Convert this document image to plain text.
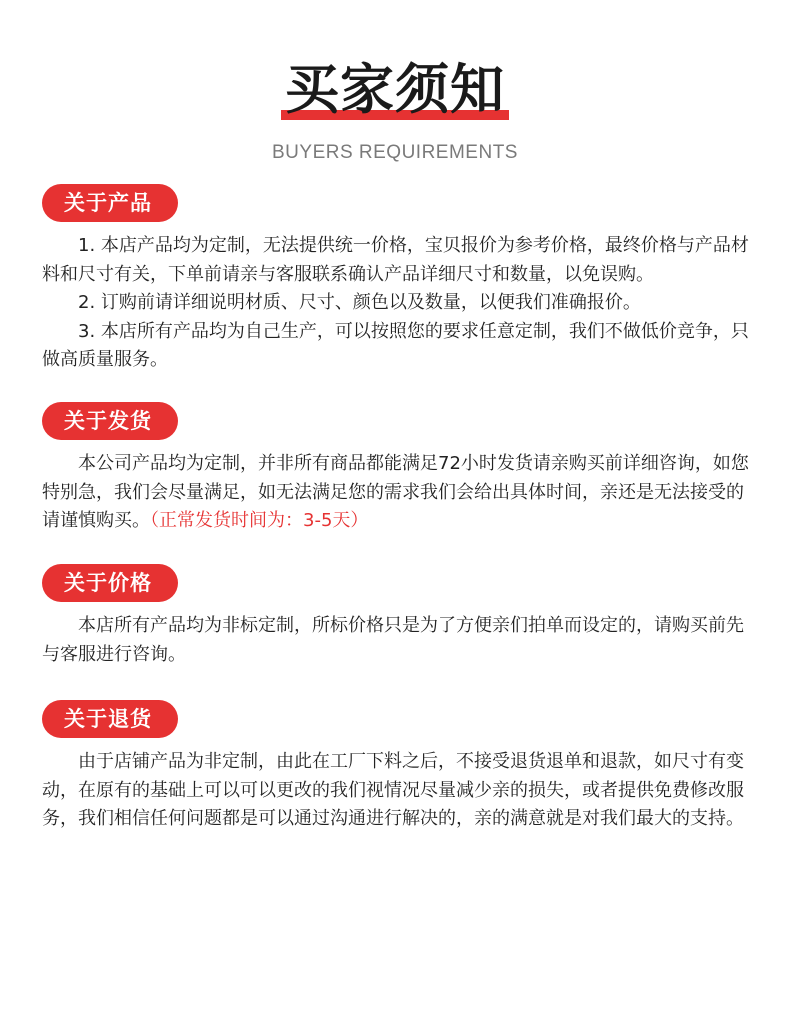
买家须知
BUYERS REQUIREMENTS
关于产品

1. 本店产品均为定制，无法提供统一价格，宝贝报价为参考价格，最终价格与产品材料和尺寸有关，下单前请亲与客服联系确认产品详细尺寸和数量，以免误购。

2. 订购前请详细说明材质、尺寸、颜色以及数量，以便我们准确报价。

3. 本店所有产品均为自己生产，可以按照您的要求任意定制，我们不做低价竞争，只做高质量服务。

关于发货

本公司产品均为定制，并非所有商品都能满足72小时发货请亲购买前详细咨询，如您特别急，我们会尽量满足，如无法满足您的需求我们会给出具体时间，亲还是无法接受的请谨慎购买。（正常发货时间为：3-5天）

关于价格

本店所有产品均为非标定制，所标价格只是为了方便亲们拍单而设定的，请购买前先与客服进行咨询。

关于退货

由于店铺产品为非定制，由此在工厂下料之后，不接受退货退单和退款，如尺寸有变动，在原有的基础上可以可以更改的我们视情况尽量减少亲的损失，或者提供免费修改服务，我们相信任何问题都是可以通过沟通进行解决的，亲的满意就是对我们最大的支持。
